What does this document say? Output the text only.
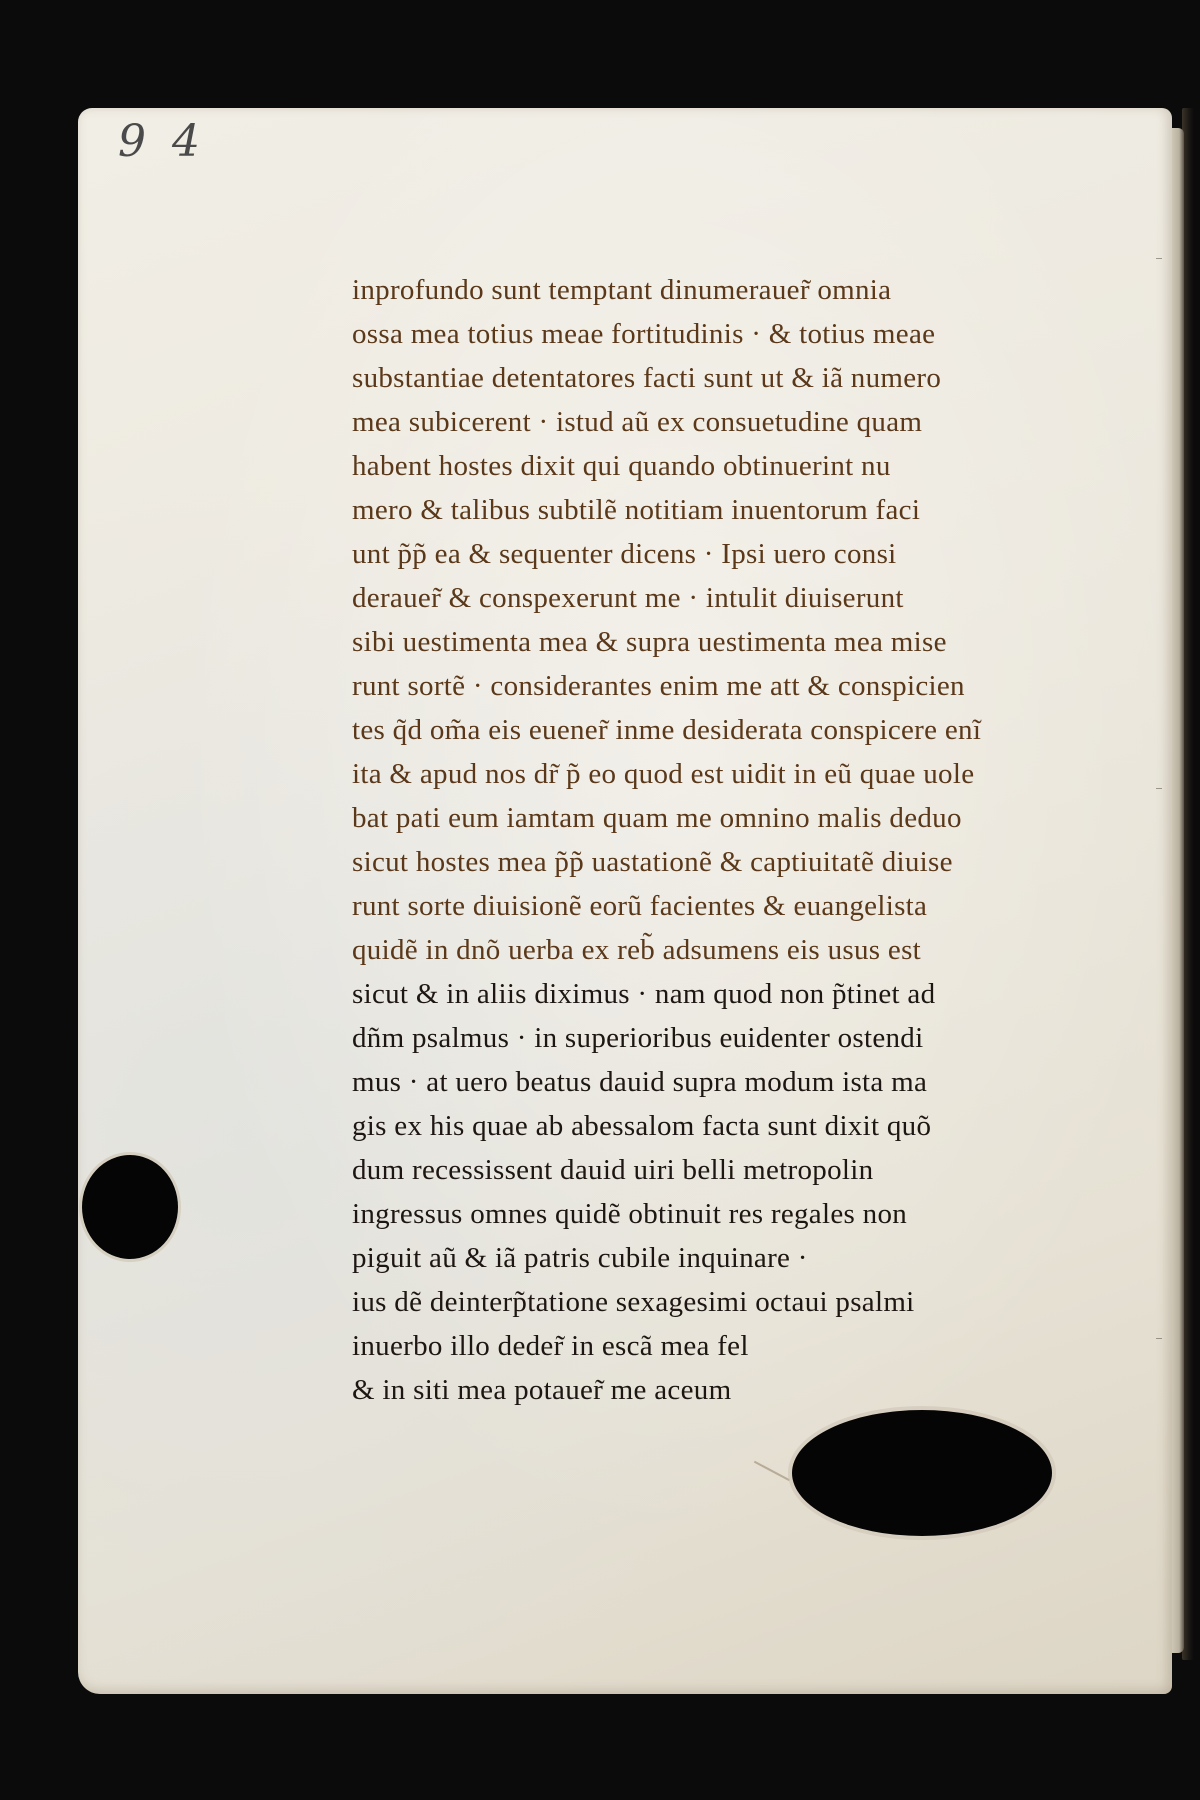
9 4
inprofundo sunt temptant dinumerauer̃ omnia
ossa mea totius meae fortitudinis · & totius meae
substantiae detentatores facti sunt ut & iã numero
mea subicerent · istud aũ ex consuetudine quam
habent hostes dixit qui quando obtinuerint nu
mero & talibus subtilẽ notitiam inuentorum faci
unt p̃p̃ ea & sequenter dicens · Ipsi uero consi
derauer̃ & conspexerunt me · intulit diuiserunt
sibi uestimenta mea & supra uestimenta mea mise
runt sortẽ · considerantes enim me att & conspicien
tes q̃d om̃a eis euener̃ inme desiderata conspicere enĩ
ita & apud nos dr̃ p̃ eo quod est uidit in eũ quae uole
bat pati eum iamtam quam me omnino malis deduo
sicut hostes mea p̃p̃ uastationẽ & captiuitatẽ diuise
runt sorte diuisionẽ eorũ facientes & euangelista
quidẽ in dnõ uerba ex reb̃ adsumens eis usus est
sicut & in aliis diximus · nam quod non p̃tinet ad
dñm psalmus · in superioribus euidenter ostendi
mus · at uero beatus dauid supra modum ista ma
gis ex his quae ab abessalom facta sunt dixit quõ
dum recessissent dauid uiri belli metropolin
ingressus omnes quidẽ obtinuit res regales non
piguit aũ & iã patris cubile inquinare ·
ius dẽ deinterp̃tatione sexagesimi octaui psalmi
inuerbo illo deder̃ in escã mea fel
& in siti mea potauer̃ me aceum
